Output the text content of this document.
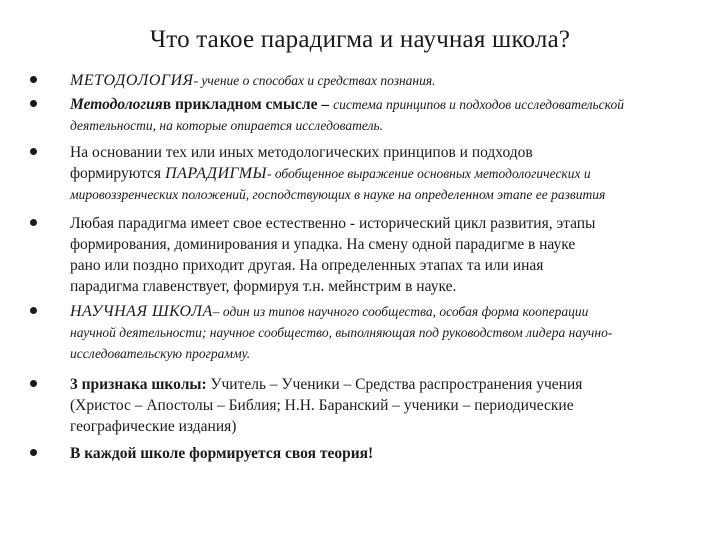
Что такое парадигма и научная школа?
МЕТОДОЛОГИЯ- учение о способах и средствах познания.
Методологияв прикладном смысле – система принципов и подходов исследовательской
деятельности, на которые опирается исследователь.
На основании тех или иных методологических принципов и подходов
формируются ПАРАДИГМЫ- обобщенное выражение основных методологических и
мировоззренческих положений, господствующих в науке на определенном этапе ее развития
Любая парадигма имеет свое естественно - исторический цикл развития, этапы
формирования, доминирования и упадка. На смену одной парадигме в науке
рано или поздно приходит другая. На определенных этапах та или иная
парадигма главенствует, формируя т.н. мейнстрим в науке.
НАУЧНАЯ ШКОЛА– один из типов научного сообщества, особая форма кооперации
научной деятельности; научное сообщество, выполняющая под руководством лидера научно-
исследовательскую программу.
3 признака школы: Учитель – Ученики – Средства распространения учения
(Христос – Апостолы – Библия; Н.Н. Баранский – ученики – периодические
географические издания)
В каждой школе формируется своя теория!
